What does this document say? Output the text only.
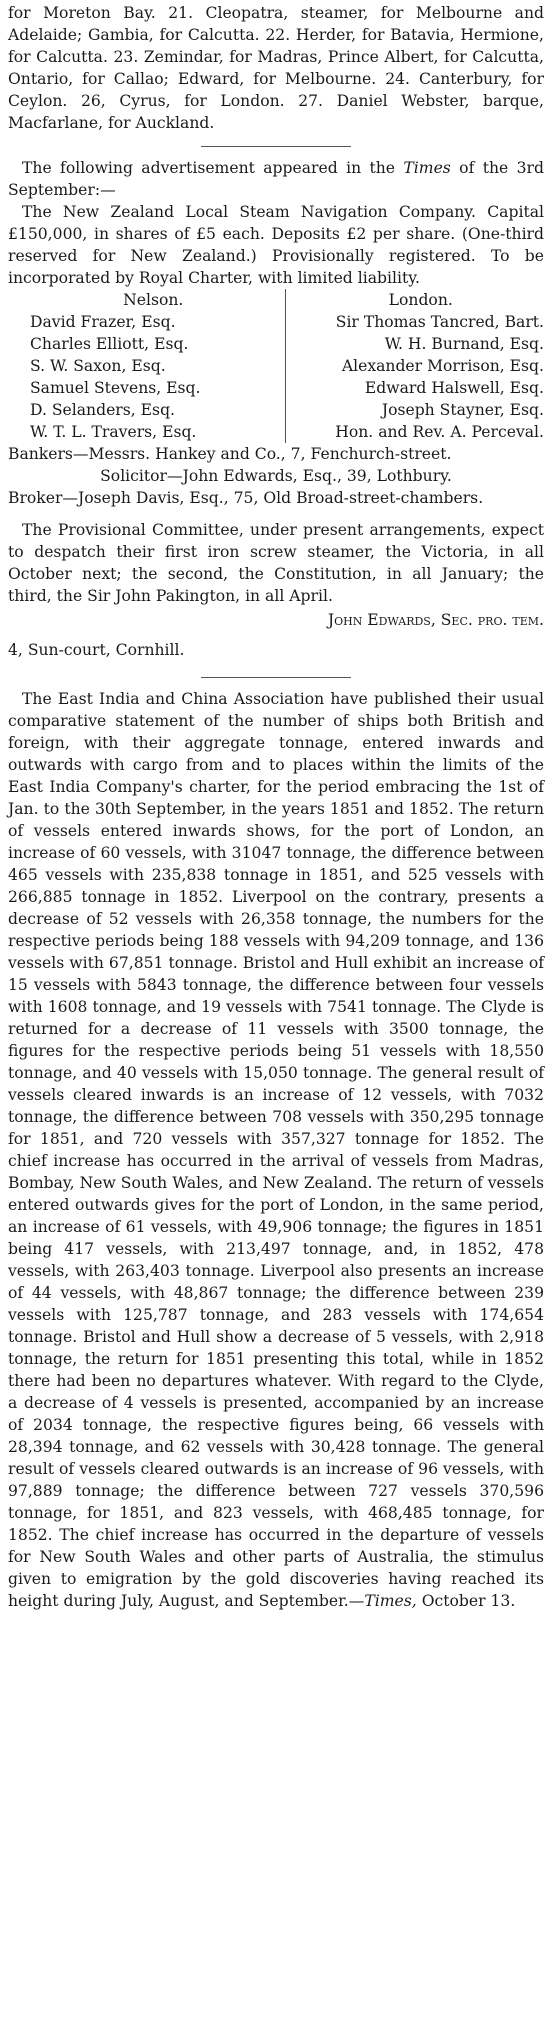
for Moreton Bay. 21. Cleopatra, steamer, for Melbourne and Adelaide; Gambia, for Calcutta. 22. Herder, for Batavia, Hermione, for Calcutta. 23. Zemindar, for Madras, Prince Albert, for Calcutta, Ontario, for Callao; Edward, for Melbourne. 24. Canterbury, for Ceylon. 26, Cyrus, for London. 27. Daniel Webster, barque, Macfarlane, for Auckland.

The following advertisement appeared in the Times of the 3rd September:—

The New Zealand Local Steam Navigation Company. Capital £150,000, in shares of £5 each. Deposits £2 per share. (One-third reserved for New Zealand.) Provisionally registered. To be incorporated by Royal Charter, with limited liability.

Nelson.
David Frazer, Esq.
Charles Elliott, Esq.
S. W. Saxon, Esq.
Samuel Stevens, Esq.
D. Selanders, Esq.
W. T. L. Travers, Esq.
London.
Sir Thomas Tancred, Bart.
W. H. Burnand, Esq.
Alexander Morrison, Esq.
Edward Halswell, Esq.
Joseph Stayner, Esq.
Hon. and Rev. A. Perceval.

Bankers—Messrs. Hankey and Co., 7, Fenchurch-street.

Solicitor—John Edwards, Esq., 39, Lothbury.

Broker—Joseph Davis, Esq., 75, Old Broad-street-chambers.

The Provisional Committee, under present arrangements, expect to despatch their first iron screw steamer, the Victoria, in all October next; the second, the Constitution, in all January; the third, the Sir John Pakington, in all April.

John Edwards, Sec. pro. tem.

4, Sun-court, Cornhill.

The East India and China Association have published their usual comparative statement of the number of ships both British and foreign, with their aggregate tonnage, entered inwards and outwards with cargo from and to places within the limits of the East India Company's charter, for the period embracing the 1st of Jan. to the 30th September, in the years 1851 and 1852. The return of vessels entered inwards shows, for the port of London, an increase of 60 vessels, with 31047 tonnage, the difference between 465 vessels with 235,838 tonnage in 1851, and 525 vessels with 266,885 tonnage in 1852. Liverpool on the contrary, presents a decrease of 52 vessels with 26,358 tonnage, the numbers for the respective periods being 188 vessels with 94,209 tonnage, and 136 vessels with 67,851 tonnage. Bristol and Hull exhibit an increase of 15 vessels with 5843 tonnage, the difference between four vessels with 1608 tonnage, and 19 vessels with 7541 tonnage. The Clyde is returned for a decrease of 11 vessels with 3500 tonnage, the figures for the respective periods being 51 vessels with 18,550 tonnage, and 40 vessels with 15,050 tonnage. The general result of vessels cleared inwards is an increase of 12 vessels, with 7032 tonnage, the difference between 708 vessels with 350,295 tonnage for 1851, and 720 vessels with 357,327 tonnage for 1852. The chief increase has occurred in the arrival of vessels from Madras, Bombay, New South Wales, and New Zealand. The return of vessels entered outwards gives for the port of London, in the same period, an increase of 61 vessels, with 49,906 tonnage; the figures in 1851 being 417 vessels, with 213,497 tonnage, and, in 1852, 478 vessels, with 263,403 tonnage. Liverpool also presents an increase of 44 vessels, with 48,867 tonnage; the difference between 239 vessels with 125,787 tonnage, and 283 vessels with 174,654 tonnage. Bristol and Hull show a decrease of 5 vessels, with 2,918 tonnage, the return for 1851 presenting this total, while in 1852 there had been no departures whatever. With regard to the Clyde, a decrease of 4 vessels is presented, accompanied by an increase of 2034 tonnage, the respective figures being, 66 vessels with 28,394 tonnage, and 62 vessels with 30,428 tonnage. The general result of vessels cleared outwards is an increase of 96 vessels, with 97,889 tonnage; the difference between 727 vessels 370,596 tonnage, for 1851, and 823 vessels, with 468,485 tonnage, for 1852. The chief increase has occurred in the departure of vessels for New South Wales and other parts of Australia, the stimulus given to emigration by the gold discoveries having reached its height during July, August, and September.—Times, October 13.
